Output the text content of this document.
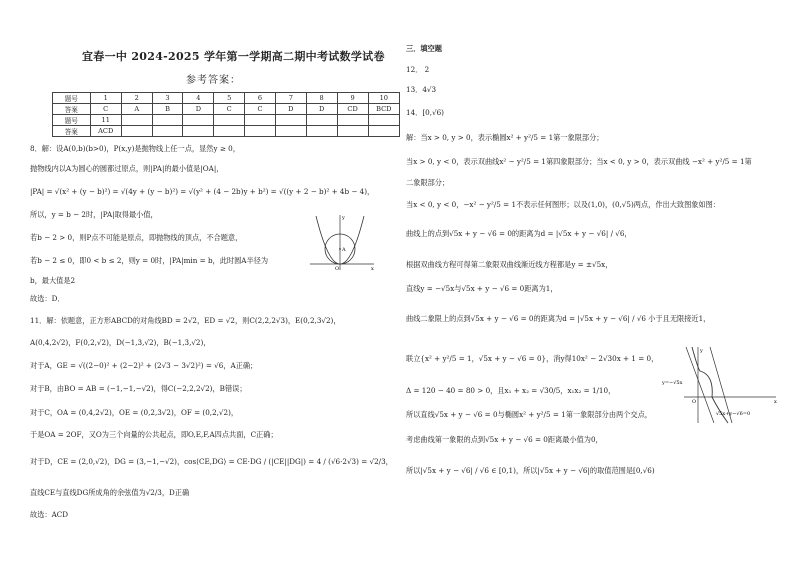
宜春一中 2024-2025 学年第一学期高二期中考试数学试卷
参考答案：
题号	1	2	3	4	5	6	7	8	9	10
答案	C	A	B	D	C	C	D	D	CD	BCD
题号	11									
答案	ACD									
8．解：设A(0,b)(b>0)，P(x,y)是抛物线上任一点，显然y ≥ 0，
抛物线内以A为圆心的圆都过原点，则|PA|的最小值是|OA|，
|PA| = √(x² + (y − b)²) = √(4y + (y − b)²) = √(y² + (4 − 2b)y + b²) = √((y + 2 − b)² + 4b − 4)，
所以，y = b − 2时，|PA|取得最小值，
若b − 2 > 0，则P点不可能是原点，即抛物线的顶点，不合题意，
若b − 2 ≤ 0，即0 < b ≤ 2，则y = 0时，|PA|min = b，此时圆A半径为
b，最大值是2
故选：D．
11．解：依题意，正方形ABCD的对角线BD = 2√2，ED = √2，则C(2,2,2√3)，E(0,2,3√2)，
A(0,4,2√2)，F(0,2,√2)，D(−1,3,√2)，B(−1,3,√2)，
对于A，GE = √((2−0)² + (2−2)² + (2√3 − 3√2)²) = √6，A正确；
对于B，由BO = AB = (−1,−1,−√2)，得C(−2,2,2√2)，B错误；
对于C，OA = (0,4,2√2)，OE = (0,2,3√2)，OF = (0,2,√2)，
于是OA = 2OF，又O为三个向量的公共起点，即O,E,F,A四点共面，C正确；
对于D，CE = (2,0,√2)，DG = (3,−1,−√2)，cos⟨CE,DG⟩ = CE·DG / (|CE||DG|) = 4 / (√6·2√3) = √2/3，
直线CE与直线DG所成角的余弦值为√2/3，D正确
故选：ACD
A
O	x
y
三．填空题
12． 2
13．4√3
14．[0,√6)
解：当x > 0, y > 0，表示椭圆x² + y²/5 = 1第一象限部分；
当x > 0, y < 0，表示双曲线x² − y²/5 = 1第四象限部分；当x < 0, y > 0，表示双曲线 −x² + y²/5 = 1第
二象限部分；
当x < 0, y < 0，−x² − y²/5 = 1不表示任何图形；以及(1,0)，(0,√5)两点，作出大致图象如图：
曲线上的点到√5x + y − √6 = 0的距离为d = |√5x + y − √6| / √6，
根据双曲线方程可得第二象限双曲线渐近线方程都是y = ±√5x，
直线y = −√5x与√5x + y − √6 = 0距离为1，
曲线二象限上的点到√5x + y − √6 = 0的距离为d = |√5x + y − √6| / √6 小于且无限接近1，
联立{x² + y²/5 = 1，√5x + y − √6 = 0}，消y得10x² − 2√30x + 1 = 0，
Δ = 120 − 40 = 80 > 0，且x₁ + x₂ = √30/5，x₁x₂ = 1/10，
所以直线√5x + y − √6 = 0与椭圆x² + y²/5 = 1第一象限部分由两个交点，
考虑曲线第一象限的点到√5x + y − √6 = 0距离最小值为0，
所以|√5x + y − √6| / √6 ∈ [0,1)，所以|√5x + y − √6|的取值范围是[0,√6)
y=−√5x
√5x+y−√6=0
O	x
y
